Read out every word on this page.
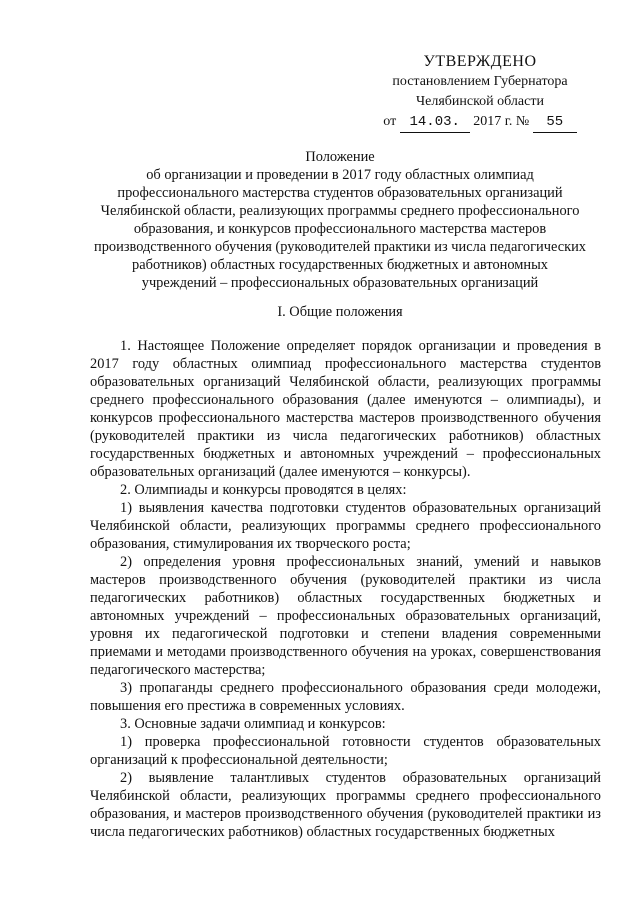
УТВЕРЖДЕНО
постановлением Губернатора
Челябинской области
от 14.03. 2017 г. № 55
Положение
об организации и проведении в 2017 году областных олимпиад
профессионального мастерства студентов образовательных организаций
Челябинской области, реализующих программы среднего профессионального
образования, и конкурсов профессионального мастерства мастеров
производственного обучения (руководителей практики из числа педагогических
работников) областных государственных бюджетных и автономных
учреждений – профессиональных образовательных организаций
I. Общие положения

1. Настоящее Положение определяет порядок организации и проведения в 2017 году областных олимпиад профессионального мастерства студентов образовательных организаций Челябинской области, реализующих программы среднего профессионального образования (далее именуются – олимпиады), и конкурсов профессионального мастерства мастеров производственного обучения (руководителей практики из числа педагогических работников) областных государственных бюджетных и автономных учреждений – профессиональных образовательных организаций (далее именуются – конкурсы).

2. Олимпиады и конкурсы проводятся в целях:

1) выявления качества подготовки студентов образовательных организаций Челябинской области, реализующих программы среднего профессионального образования, стимулирования их творческого роста;

2) определения уровня профессиональных знаний, умений и навыков мастеров производственного обучения (руководителей практики из числа педагогических работников) областных государственных бюджетных и автономных учреждений – профессиональных образовательных организаций, уровня их педагогической подготовки и степени владения современными приемами и методами производственного обучения на уроках, совершенствования педагогического мастерства;

3) пропаганды среднего профессионального образования среди молодежи, повышения его престижа в современных условиях.

3. Основные задачи олимпиад и конкурсов:

1) проверка профессиональной готовности студентов образовательных организаций к профессиональной деятельности;

2) выявление талантливых студентов образовательных организаций Челябинской области, реализующих программы среднего профессионального образования, и мастеров производственного обучения (руководителей практики из числа педагогических работников) областных государственных бюджетных
